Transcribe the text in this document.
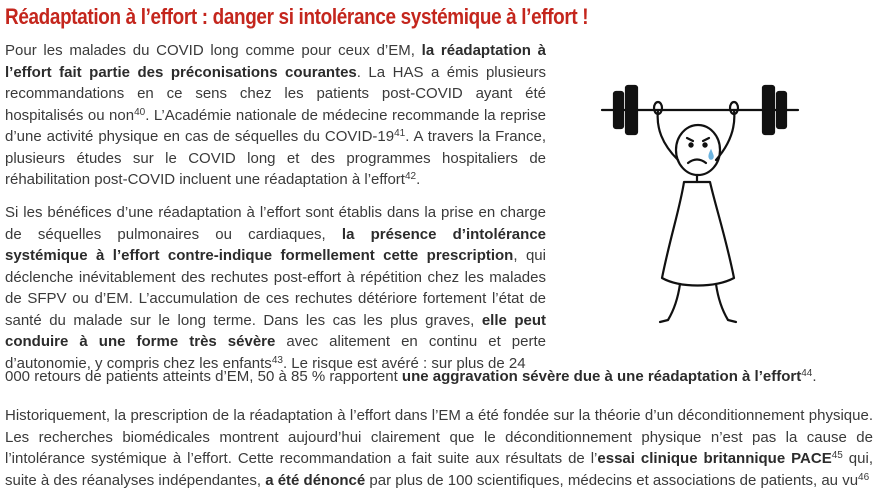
Réadaptation à l’effort : danger si intolérance systémique à l’effort !

Pour les malades du COVID long comme pour ceux d’EM, la réadaptation à l’effort fait partie des préconisations courantes. La HAS a émis plusieurs recommandations en ce sens chez les patients post-COVID ayant été hospitalisés ou non$^{40}$. L’Académie nationale de médecine recommande la reprise d’une activité physique en cas de séquelles du COVID-$19^{41}$. A travers la France, plusieurs études sur le COVID long et des programmes hospitaliers de réhabilitation post-COVID incluent une réadaptation à l’effort$^{42}$.

Si les bénéfices d’une réadaptation à l’effort sont établis dans la prise en charge de séquelles pulmonaires ou cardiaques, la présence d’intolérance systémique à l’effort contre-indique formellement cette prescription, qui déclenche inévitablement des rechutes post-effort à répétition chez les malades de SFPV ou d’EM. L’accumulation de ces rechutes détériore fortement l’état de santé du malade sur le long terme. Dans les cas les plus graves, elle peut conduire à une forme très sévère avec alitement en continu et perte d’autonomie, y compris chez les enfants$^{43}$. Le risque est avéré : sur plus de 24

000 retours de patients atteints d’EM, 50 à 85 % rapportent une aggravation sévère due à une réadaptation à l’effort$^{44}$.

Historiquement, la prescription de la réadaptation à l’effort dans l’EM a été fondée sur la théorie d’un déconditionnement physique. Les recherches biomédicales montrent aujourd’hui clairement que le déconditionnement physique n’est pas la cause de l’intolérance systémique à l’effort. Cette recommandation a fait suite aux résultats de l’essai clinique britannique PACE$^{45}$ qui, suite à des réanalyses indépendantes, a été dénoncé par plus de 100 scientifiques, médecins et associations de patients, au $vu^{46}$
